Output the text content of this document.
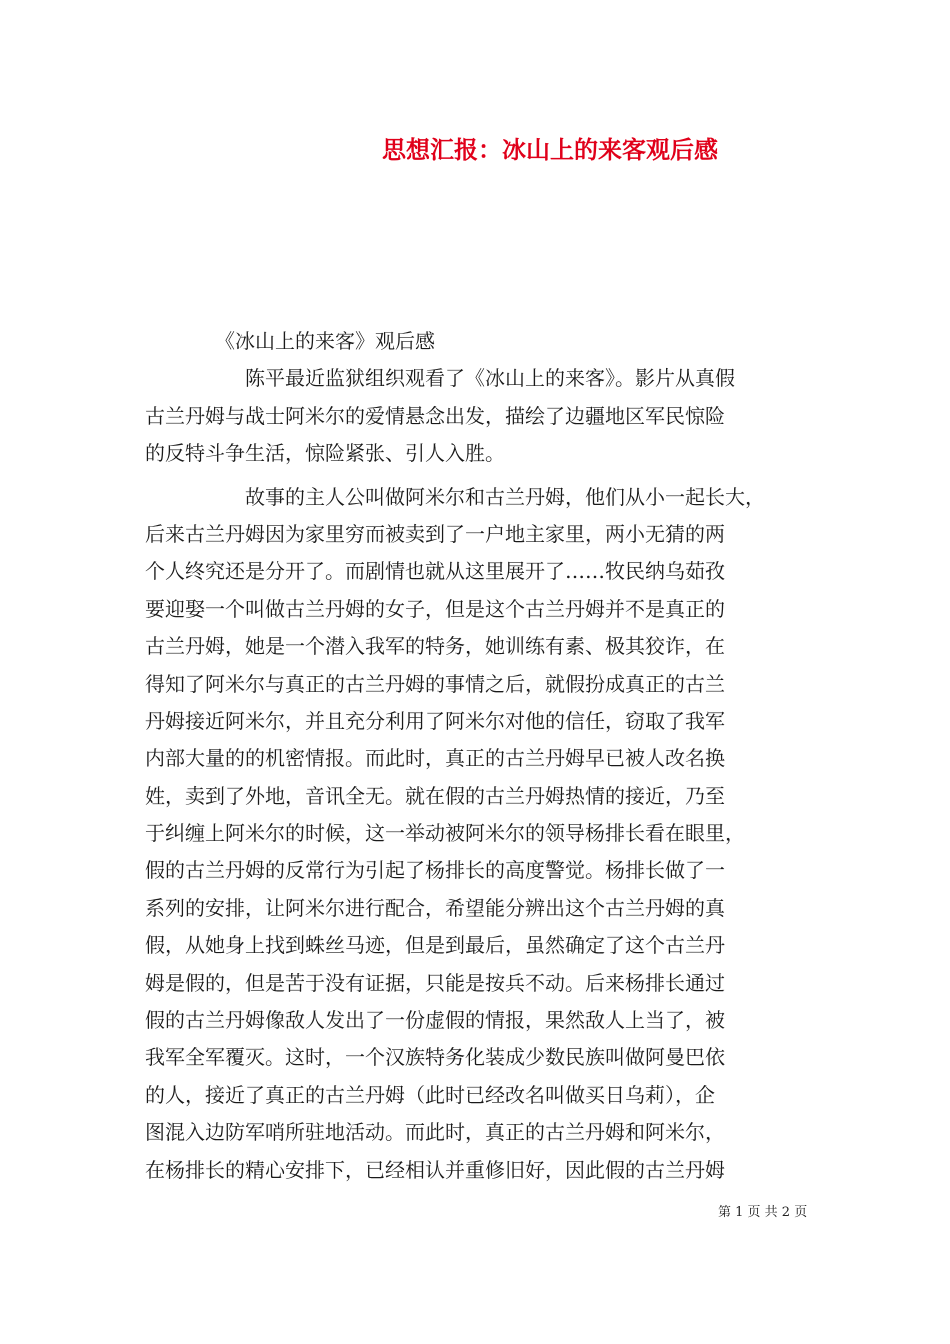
思想汇报：冰山上的来客观后感
　　　　《冰山上的来客》观后感
　　　　　陈平最近监狱组织观看了《冰山上的来客》。影片从真假
古兰丹姆与战士阿米尔的爱情悬念出发，描绘了边疆地区军民惊险
的反特斗争生活，惊险紧张、引人入胜。
　　　　　故事的主人公叫做阿米尔和古兰丹姆，他们从小一起长大，
后来古兰丹姆因为家里穷而被卖到了一户地主家里，两小无猜的两
个人终究还是分开了。而剧情也就从这里展开了……牧民纳乌茹孜
要迎娶一个叫做古兰丹姆的女子，但是这个古兰丹姆并不是真正的
古兰丹姆，她是一个潜入我军的特务，她训练有素、极其狡诈，在
得知了阿米尔与真正的古兰丹姆的事情之后，就假扮成真正的古兰
丹姆接近阿米尔，并且充分利用了阿米尔对他的信任，窃取了我军
内部大量的的机密情报。而此时，真正的古兰丹姆早已被人改名换
姓，卖到了外地，音讯全无。就在假的古兰丹姆热情的接近，乃至
于纠缠上阿米尔的时候，这一举动被阿米尔的领导杨排长看在眼里，
假的古兰丹姆的反常行为引起了杨排长的高度警觉。杨排长做了一
系列的安排，让阿米尔进行配合，希望能分辨出这个古兰丹姆的真
假，从她身上找到蛛丝马迹，但是到最后，虽然确定了这个古兰丹
姆是假的，但是苦于没有证据，只能是按兵不动。后来杨排长通过
假的古兰丹姆像敌人发出了一份虚假的情报，果然敌人上当了，被
我军全军覆灭。这时，一个汉族特务化装成少数民族叫做阿曼巴依
的人，接近了真正的古兰丹姆（此时已经改名叫做买日乌莉），企
图混入边防军哨所驻地活动。而此时，真正的古兰丹姆和阿米尔，
在杨排长的精心安排下，已经相认并重修旧好，因此假的古兰丹姆
第 1 页 共 2 页
